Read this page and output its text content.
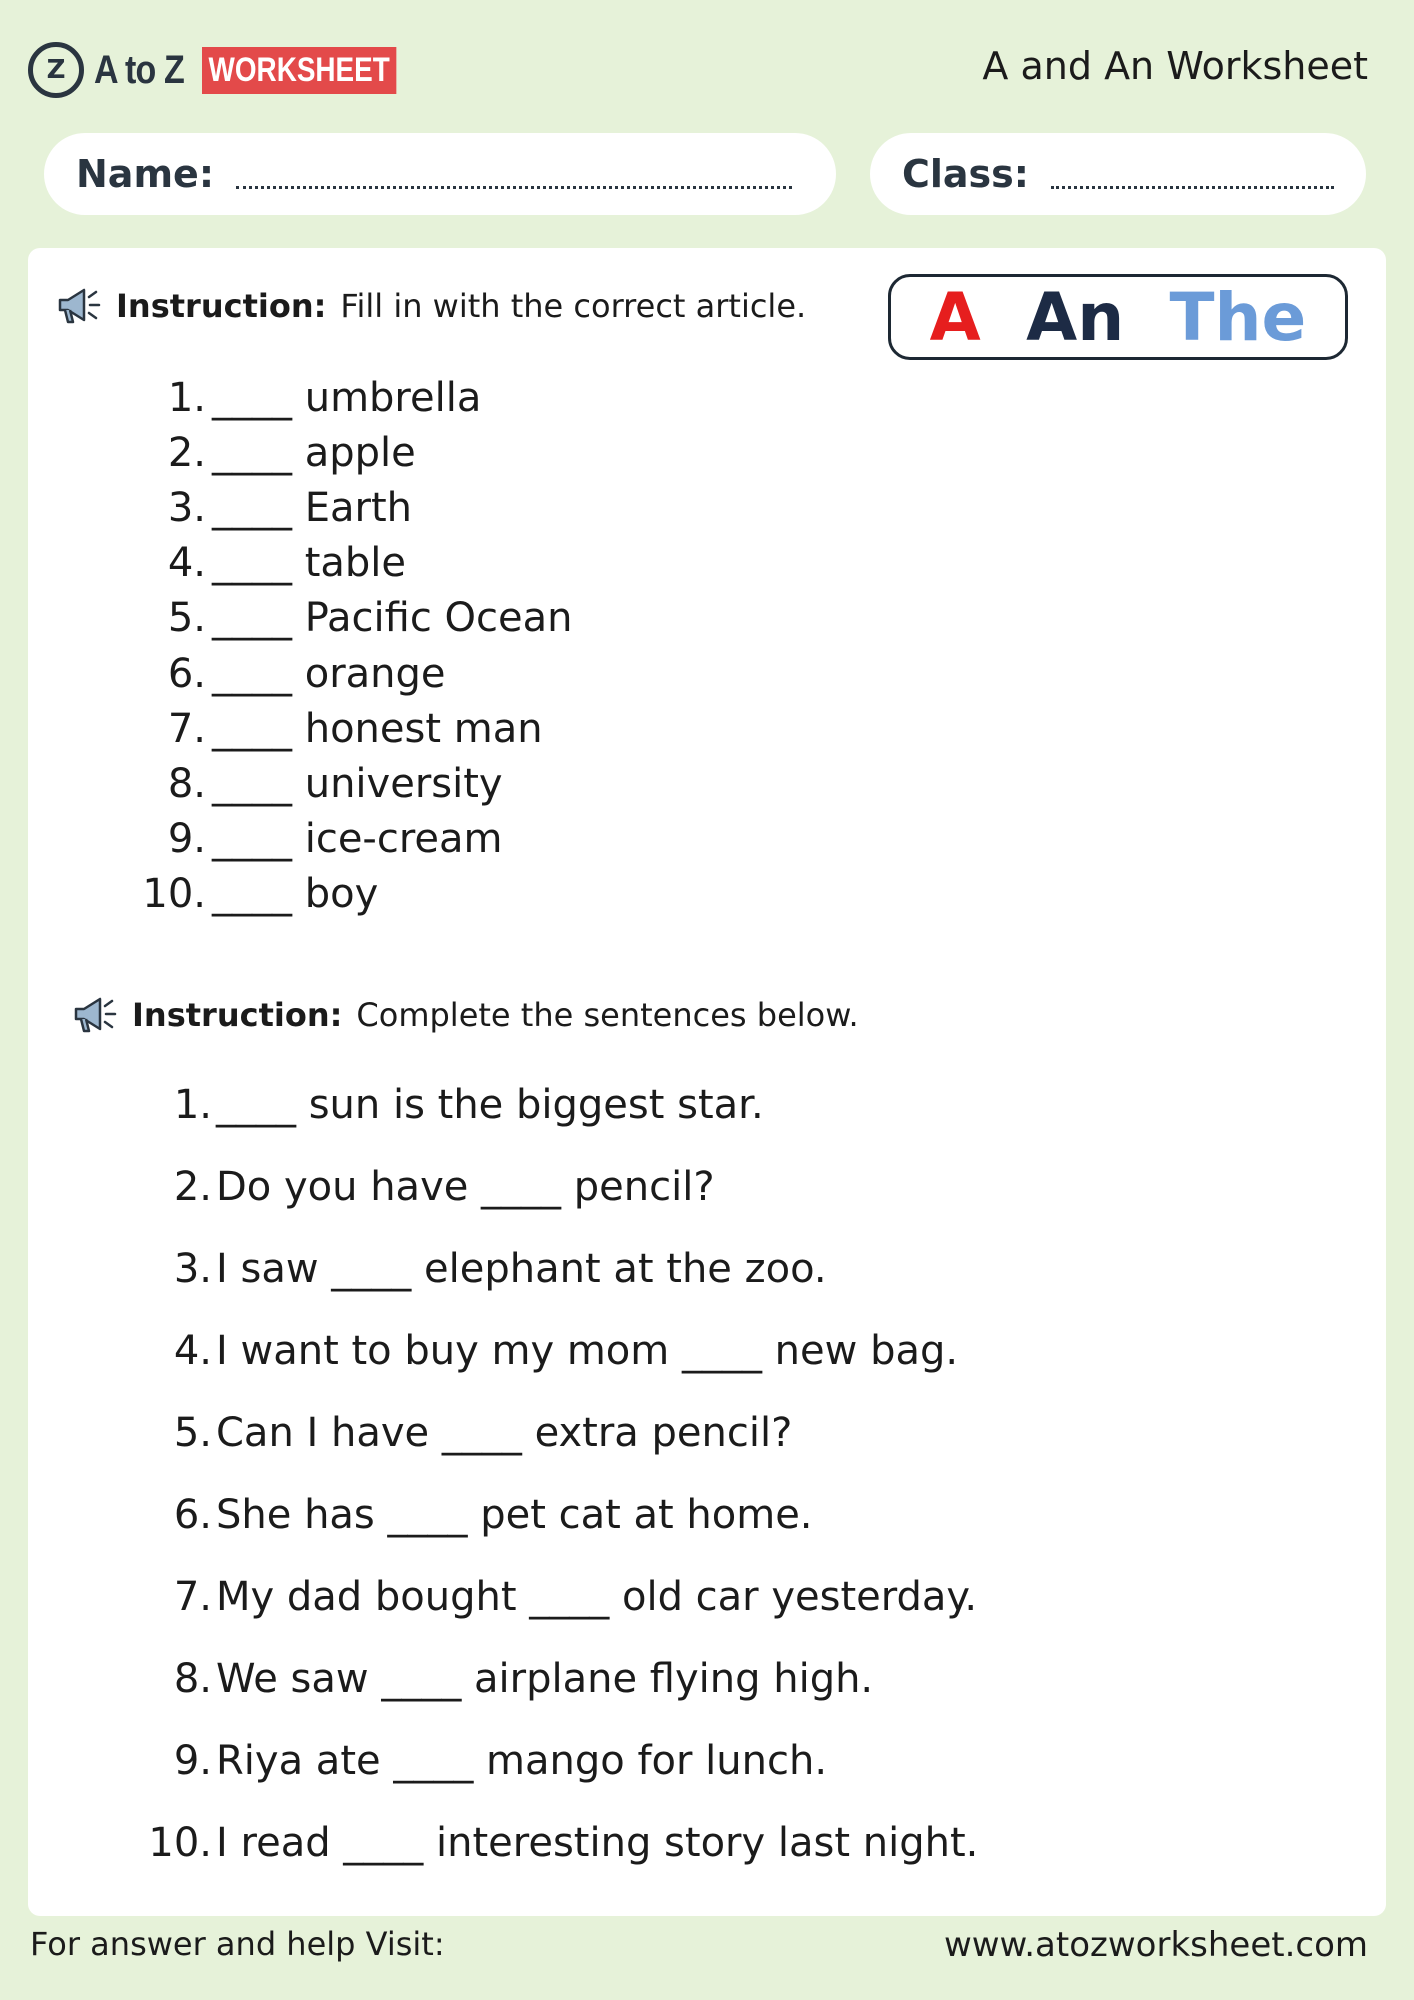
Z A to Z WORKSHEET	A and An Worksheet
Name:	Class:
Instruction: Fill in with the correct article. A An The
1. ____ umbrella
2. ____ apple
3. ____ Earth
4. ____ table
5. ____ Pacific Ocean
6. ____ orange
7. ____ honest man
8. ____ university
9. ____ ice-cream
10. ____ boy
Instruction: Complete the sentences below.
1. ____ sun is the biggest star.
2. Do you have ____ pencil?
3. I saw ____ elephant at the zoo.
4. I want to buy my mom ____ new bag.
5. Can I have ____ extra pencil?
6. She has ____ pet cat at home.
7. My dad bought ____ old car yesterday.
8. We saw ____ airplane flying high.
9. Riya ate ____ mango for lunch.
10. I read ____ interesting story last night.
For answer and help Visit:	www.atozworksheet.com
